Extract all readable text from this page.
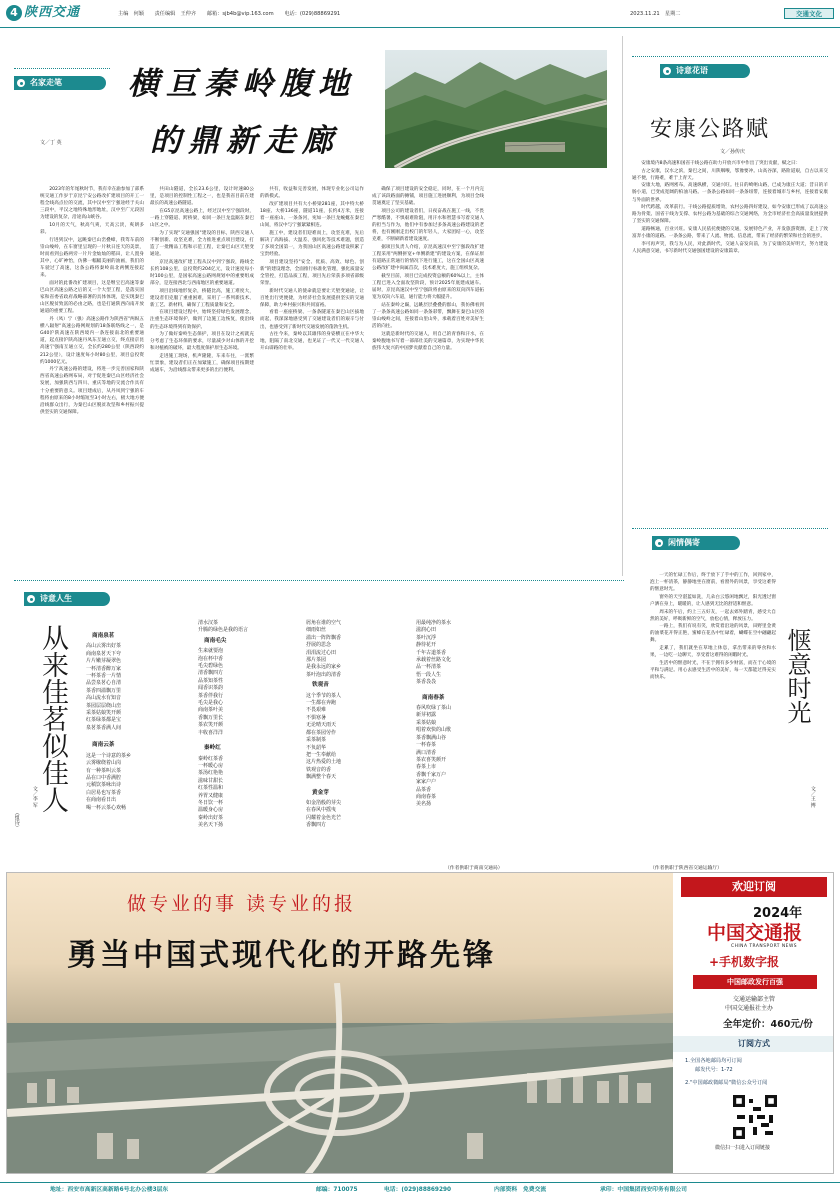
4 陕西交通	主编　何颖 责任编辑　王仲齐 邮箱：sjb4b@vip.163.com 电话：(029)88869291	2023.11.21　星期二	交通文化
名家走笔	横亘秦岭腹地
的鼎新走廊
文／丁 英

2023年的年尾秋时节，我有幸在渝参加了部系统交通工作岁于京昆宁安公路改扩建项目的开工一程全线高点位的交流，其中汉中至宁强途经于关山三段中，平汉之地特殊地形地址，汉中至广元段因为建设的复杂，沿途高山峡谷。

10月的天气，秋高气爽，天高云淡，爽朗多彩。

行进到汉中，远眺秦巴山峦叠嶂，我驾车前的崇山峻岭，在车窗里呈现的一片秋日连天的美景，时而看到公路两旁一片片金灿灿的稻田，让人置身其中，心旷神怡，仿佛一幅幅美丽的油画，我们的车驶过了高速，这条公路将秦岭南北两侧连接起来。

面对的此番改扩建项目，这是继宝巴高速等秦巴山区高速公路之后的又一个大型工程，是落实国家和省委省政府战略部署的具体体现，是实现秦巴山区脱贫致富的必由之路，也是打通陕西向南开放通道的重要工程。

丹（凤）宁（强）高速公路作为陕西省"两纵五横八辐射"高速公路网规划的18条联络线之一，是G40沪陕高速在陕西境内一条连接南北的重要通道，起点接沪陕高速丹凤东互通立交，终点接京昆高速宁强南互通立交，全长约280公里（陕西段约212公里），设计速度每小时80公里，项目总投资约1000亿元。

丹宁高速公路的建设，将进一步完善国家和陕西省高速公路网布局，对于促进秦巴山区经济社会发展，加强陕西与四川、重庆等地的交流合作具有十分重要的意义。项目建成后，从丹凤到宁强的车程将由原来的8小时缩短至3小时左右，极大地方便沿线群众出行，为秦巴山区脱贫攻坚和乡村振兴提供坚实的交通保障。

共田山隧道，全长23.6公里，设计时速80公里，是项目的控制性工程之一，也是我省目前在建最长的高速公路隧道。

在G5京昆高速公路上，经过汉中至宁强段时，一路上穿隧道、跨桥梁，如同一条巨龙盘踞在秦巴山区之中。

为了实现"交通强国"建设的目标，陕西交通人不断创新、攻坚克难，全力推进重点项目建设，打造了一批精品工程和示范工程，让秦巴山区天堑变通途。

京昆高速改扩建工程从汉中到宁强段，路线全长约108公里，总投资约204亿元，设计速度每小时100公里，是国家高速公路网规划中的重要组成部分，是连接西北与西南地区的重要通道。

项目沿线地形复杂，桥隧比高，施工难度大，建设者们克服了重重困难，采用了一系列新技术、新工艺、新材料，确保了工程质量和安全。

在项目建设过程中，始终坚持绿色发展理念，注重生态环境保护，做到了边施工边恢复，使沿线的生态环境得到有效保护。

为了做好秦岭生态保护，项目在设计之初就充分考虑了生态环保的要求，尽量减少对山体的开挖和对植被的破坏，最大程度保护原生态环境。

走进施工现场，机声隆隆，车来车往，一派繁忙景象，建设者们正在加紧施工，确保项目按期建成通车，为沿线群众带来更多的出行便利。

共有，收益和完善发展，体现专业化公司运作的新模式。

改扩建项目共有大小桥梁281座，其中特大桥18座、大桥136座，隧道11座，长约4万米，连接着一座座山、一条条河，宛如一条巨龙蜿蜒在秦巴山间，将汉中与宁强紧紧相连。

施工中，建设者们迎难而上，攻坚克难，先后解决了高海拔、大温差、强风化等技术难题，创造了多项全国第一，为我国山区高速公路建设积累了宝贵经验。

项目建设坚持"安全、优质、高效、绿色、创新"的建设理念，全面推行标准化管理，强化质量安全管控，打造品质工程，项目先后荣获多项省部级荣誉。

新时代交通人的使命就是要让天堑变通途，让百姓出行更便捷，为经济社会发展提供坚实的交通保障，助力乡村振兴和共同富裕。

看着一座座桥梁、一条条隧道在秦巴山区拔地而起，我深深地感受到了交通建设者们的艰辛与付出，也感受到了新时代交通发展的蓬勃生机。

古往今来，秦岭以其雄伟的身姿横亘在中华大地，阻隔了南北交通，也见证了一代又一代交通人开山辟路的壮举。

确保了项目建设的安全稳定，同时，在一个月内完成了该段路面的摊铺，项目施工进展顺利，为项目全线贯通奠定了坚实基础。

项目公司的建设者们，日夜奋战在施工一线，不畏严寒酷暑，不惧艰难险阻，用汗水和智慧书写着交通人的担当与作为，他们中有参加过多条高速公路建设的老将，也有刚刚走出校门的年轻人，大家团结一心，攻坚克难，不断刷新着建设速度。

据项目负责人介绍，京昆高速汉中至宁强段改扩建工程采用"两侧拼宽+单侧新建"的建设方案，在保证原有道路正常通行的情况下进行施工，这在全国山区高速公路改扩建中尚属首次，技术难度大，施工组织复杂。

截至目前，项目已完成投资总额的60%以上，主体工程已进入全面攻坚阶段，预计2025年底建成通车。届时，京昆高速汉中至宁强段将由原来的双向四车道拓宽为双向六车道，通行能力将大幅提升。

站在秦岭之巅，远眺层层叠叠的群山，我仿佛看到了一条条高速公路如同一条条彩带，飘舞在秦巴山区的崇山峻岭之间，连接着山里山外，承载着百姓对美好生活的向往。

这就是新时代的交通人，用自己的青春和汗水，在秦岭腹地书写着一部部壮美的交通篇章，为实现中华民族伟大复兴的中国梦贡献着自己的力量。

诗意花语
安康公路赋
文／孙传庆

安康境内8条高速和国省干线公路在助力开放兴市中作出了突出贡献，赋之曰：

古之安康，汉水之滨，秦巴之间，川陕咽喉，鄂豫要冲。山高谷深，路险道艰，自古以来交通不便，行路难，难于上青天。

安康大地，路网密布，高速纵横，交通兴旺。往日的崎岖山路，已成为康庄大道；昔日的羊肠小道，已变成宽阔的柏油马路。一条条公路如同一条条纽带，连接着城市与乡村，连接着安康与外面的世界。

时代跨越，改革前行。干线公路提质增效，农村公路四好建设，如今安康已形成了以高速公路为骨架、国省干线为支撑、农村公路为基础的综合交通网络，为全市经济社会高质量发展提供了坚实的交通保障。

道路畅通，百业兴旺。安康人民依托便捷的交通，发展特色产业，开发旅游资源，走上了致富奔小康的道路。一条条公路，带来了人流、物流、信息流，带来了经济的繁荣和社会的进步。

李可再声笑，我与为人民，对此新时代，交通人奋发向前，为了安康的美好明天，努力建设人民满意交通，书写新时代交通强国建设的安康篇章。

闲情偶寄

一天的忙碌工作后，终于放下了手中的工作，回到家中，泡上一杯清茶，静静地坐在窗前，看窗外的风景，享受这难得的惬意时光。

窗外的天空湛蓝如洗，几朵白云悠闲地飘过，阳光透过窗户洒在身上，暖暖的，让人感到无比的舒适和惬意。

周末的午后，约上三五好友，一起去郊外踏青，感受大自然的美好，呼吸新鲜的空气，放松心情，释放压力。

一路上，我们有说有笑，欣赏着沿途的风景，田野里金黄的油菜花开得正艳，蜜蜂在花丛中忙碌着，蝴蝶在空中翩翩起舞。

走累了，我们就坐在草地上休息，拿出带来的零食和水果，一边吃一边聊天，享受着这难得的闲暇时光。

生活中的惬意时光，不在于拥有多少财富，而在于心境的平和与满足。用心去感受生活中的美好，每一天都能过得充实而快乐。	惬意时光
文／王 博
（作者供职于陕西省交通运输厅）
诗意人生
从来佳茗似佳人
文／李 军
（组诗）
商南泉茗
高山云雾出好茶
商南泉茗天下夸
片片嫩芽凝翠色
一杯清香醉万家
一杯茶香一片情
品尝泉茗心自清
茶香四溢飘万里
高山流水有知音
茶园层层绕山峦
采茶姑娘笑开颜
红茶绿茶都是宝
泉茗茶香满人间
商南云茶
这是一个诗意的茶乡
云雾缭绕着山岗
有一种茶叫云茶
品在口中香满腔
元稹饮茶咏出诗
白居易也写茶香
在商南看日出
喝一杯云茶心欢畅
清水汉茶
升腾的绿色是我的语言
商南毛尖
生来就要泡
泡在杯中香
毛尖碧绿色
清香飘四方
品茶知茶性
闻香识茶韵
茶香伴我行
毛尖是我心
商南茶叶美
香飘万里长
茶农笑开颜
丰收喜洋洋
秦岭红
秦岭红茶香
一杯暖心房
茶汤红艳艳
滋味甘甜长
红茶性温和
养胃又健康
冬日饮一杯
温暖身心房
秦岭出好茶
美名天下扬
屑角在谁的空气
细雨如丝
溢出一阵阵飘香
抒展的思念
涓涓流过心田
那片茶园
是我永远的家乡
茶叶泡出的清香
铁观音
这个季节的茶人
一生都在奔跑
不畏艰难
不惧寒暑
无论晴天雨天
都在茶园劳作
采茶制茶
不负韶华
把一生奉献给
这片热爱的土地
铁观音的香
飘满整个春天
黄金芽
如金箔般的芽尖
在春风中摇曳
闪耀着金色光芒
香飘四方
用最纯净的茶水
滋润心田
茶叶沉浮
静待花开
千年古道茶香
承载着丝路文化
品一杯清茶
悟一段人生
茶香袅袅
商南春茶
春风吹绿了茶山
新芽初露
采茶姑娘
唱着欢快的山歌
茶香飘满山谷
一杯春茶
满口清香
茶农喜笑颜开
春茶上市
香飘千家万户
家家户户
品茶香
商南春茶
美名扬
（作者供职于商南交通局）
做专业的事 读专业的报
勇当中国式现代化的开路先锋
欢迎订阅
2024年
中国交通报
CHINA TRANSPORT NEWS
+手机数字报
中国邮政发行百强
交通运输部主管
中国交通报社主办
全年定价：460元/份
订阅方式
1.全国各地邮局均可订阅
邮发代号：1-72
2."中国邮政微邮局"微信公众号订阅
微信扫一扫进入订阅链接
地址：西安市高新区高新路6号北办公楼3层东	邮编：710075	电话：(029)88869290	内部资料　免费交流	承印：中国集团西安印务有限公司
